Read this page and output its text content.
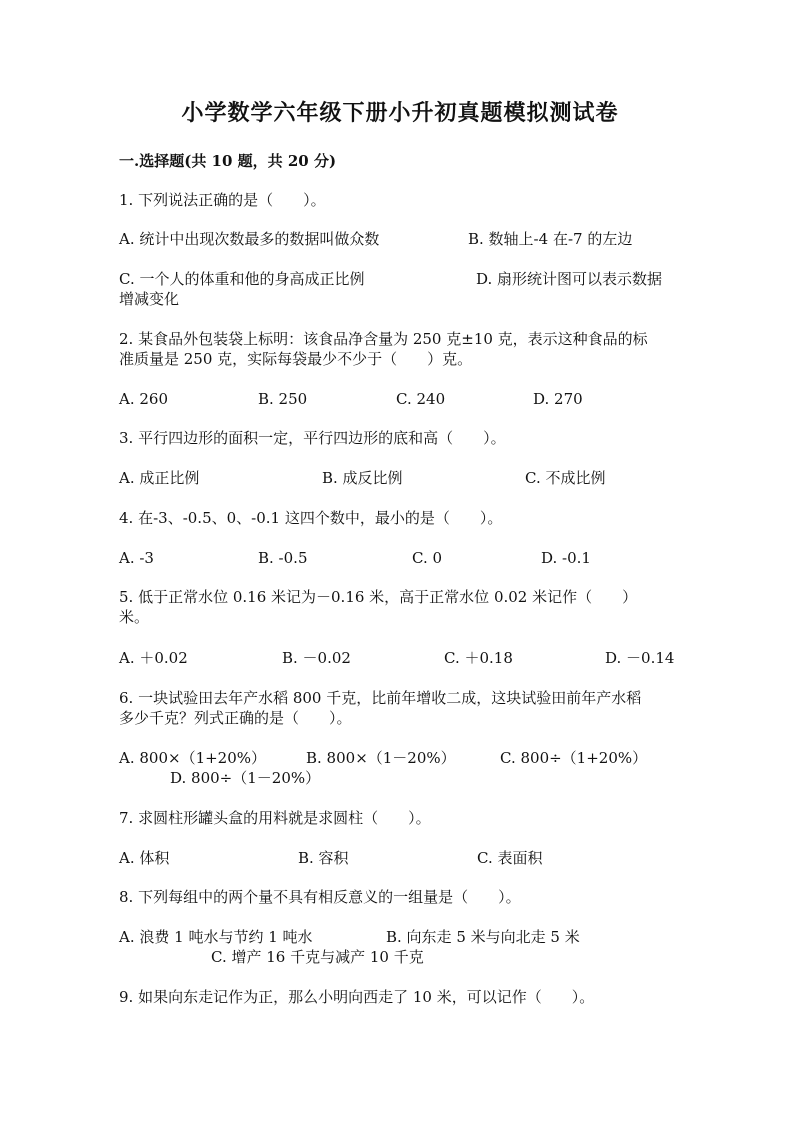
小学数学六年级下册小升初真题模拟测试卷
一.选择题(共 10 题，共 20 分)
1. 下列说法正确的是（　　）。
A. 统计中出现次数最多的数据叫做众数	B. 数轴上-4 在-7 的左边
C. 一个人的体重和他的身高成正比例	D. 扇形统计图可以表示数据
增减变化
2. 某食品外包装袋上标明：该食品净含量为 250 克±10 克，表示这种食品的标
准质量是 250 克，实际每袋最少不少于（　　）克。
A. 260	B. 250	C. 240	D. 270
3. 平行四边形的面积一定，平行四边形的底和高（　　）。
A. 成正比例	B. 成反比例	C. 不成比例
4. 在-3、-0.5、0、-0.1 这四个数中，最小的是（　　）。
A. -3	B. -0.5	C. 0	D. -0.1
5. 低于正常水位 0.16 米记为－0.16 米，高于正常水位 0.02 米记作（　　）
米。
A. ＋0.02	B. －0.02	C. ＋0.18	D. －0.14
6. 一块试验田去年产水稻 800 千克，比前年增收二成，这块试验田前年产水稻
多少千克？列式正确的是（　　）。
A. 800×（1+20%）	B. 800×（1－20%）	C. 800÷（1+20%）
D. 800÷（1－20%）
7. 求圆柱形罐头盒的用料就是求圆柱（　　）。
A. 体积	B. 容积	C. 表面积
8. 下列每组中的两个量不具有相反意义的一组量是（　　）。
A. 浪费 1 吨水与节约 1 吨水	B. 向东走 5 米与向北走 5 米
C. 增产 16 千克与减产 10 千克
9. 如果向东走记作为正，那么小明向西走了 10 米，可以记作（　　）。
